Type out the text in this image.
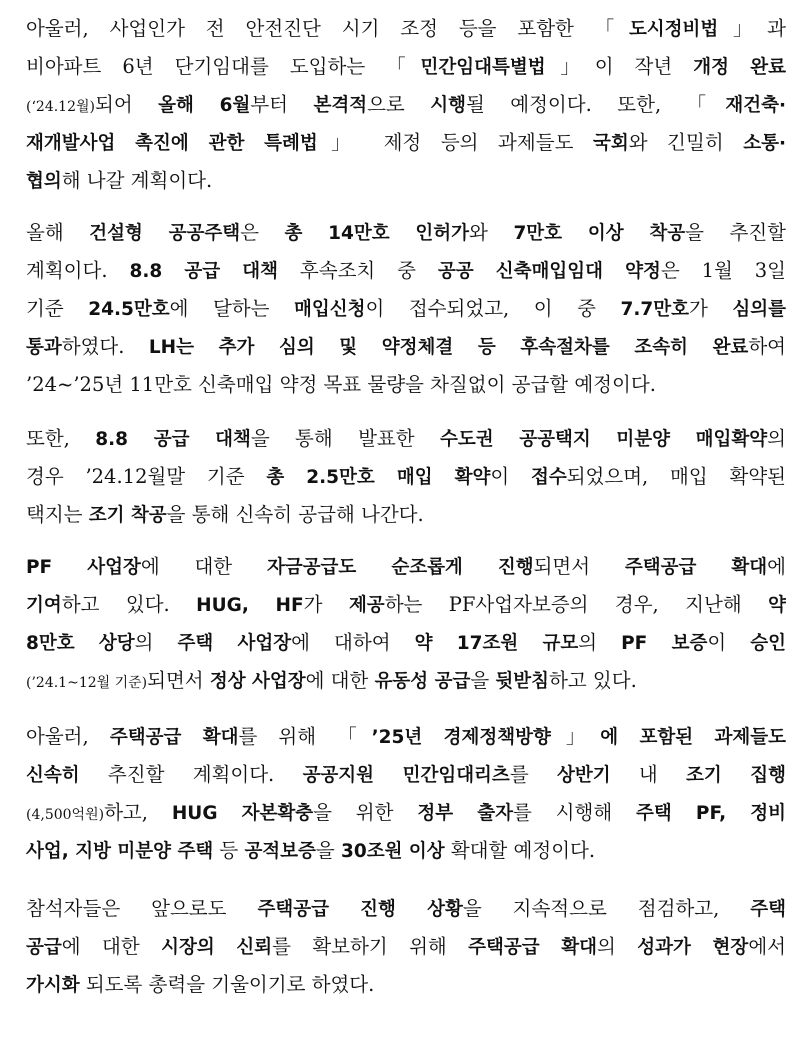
아울러, 사업인가 전 안전진단 시기 조정 등을 포함한 「도시정비법」과
비아파트 6년 단기임대를 도입하는 「민간임대특별법」이 작년 개정 완료
(‘24.12월)되어 올해 6월부터 본격적으로 시행될 예정이다. 또한, 「재건축·
재개발사업 촉진에 관한 특례법」 제정 등의 과제들도 국회와 긴밀히 소통·
협의해 나갈 계획이다.
올해 건설형 공공주택은 총 14만호 인허가와 7만호 이상 착공을 추진할
계획이다. 8.8 공급 대책 후속조치 중 공공 신축매입임대 약정은 1월 3일
기준 24.5만호에 달하는 매입신청이 접수되었고, 이 중 7.7만호가 심의를
통과하였다. LH는 추가 심의 및 약정체결 등 후속절차를 조속히 완료하여
’24~’25년 11만호 신축매입 약정 목표 물량을 차질없이 공급할 예정이다.
또한, 8.8 공급 대책을 통해 발표한 수도권 공공택지 미분양 매입확약의
경우 ’24.12월말 기준 총 2.5만호 매입 확약이 접수되었으며, 매입 확약된
택지는 조기 착공을 통해 신속히 공급해 나간다.
PF 사업장에 대한 자금공급도 순조롭게 진행되면서 주택공급 확대에
기여하고 있다. HUG, HF가 제공하는 PF사업자보증의 경우, 지난해 약
8만호 상당의 주택 사업장에 대하여 약 17조원 규모의 PF 보증이 승인
(’24.1~12월 기준)되면서 정상 사업장에 대한 유동성 공급을 뒷받침하고 있다.
아울러, 주택공급 확대를 위해 「’25년 경제정책방향」에 포함된 과제들도
신속히 추진할 계획이다. 공공지원 민간임대리츠를 상반기 내 조기 집행
(4,500억원)하고, HUG 자본확충을 위한 정부 출자를 시행해 주택 PF, 정비
사업, 지방 미분양 주택 등 공적보증을 30조원 이상 확대할 예정이다.
참석자들은 앞으로도 주택공급 진행 상황을 지속적으로 점검하고, 주택
공급에 대한 시장의 신뢰를 확보하기 위해 주택공급 확대의 성과가 현장에서
가시화 되도록 총력을 기울이기로 하였다.
